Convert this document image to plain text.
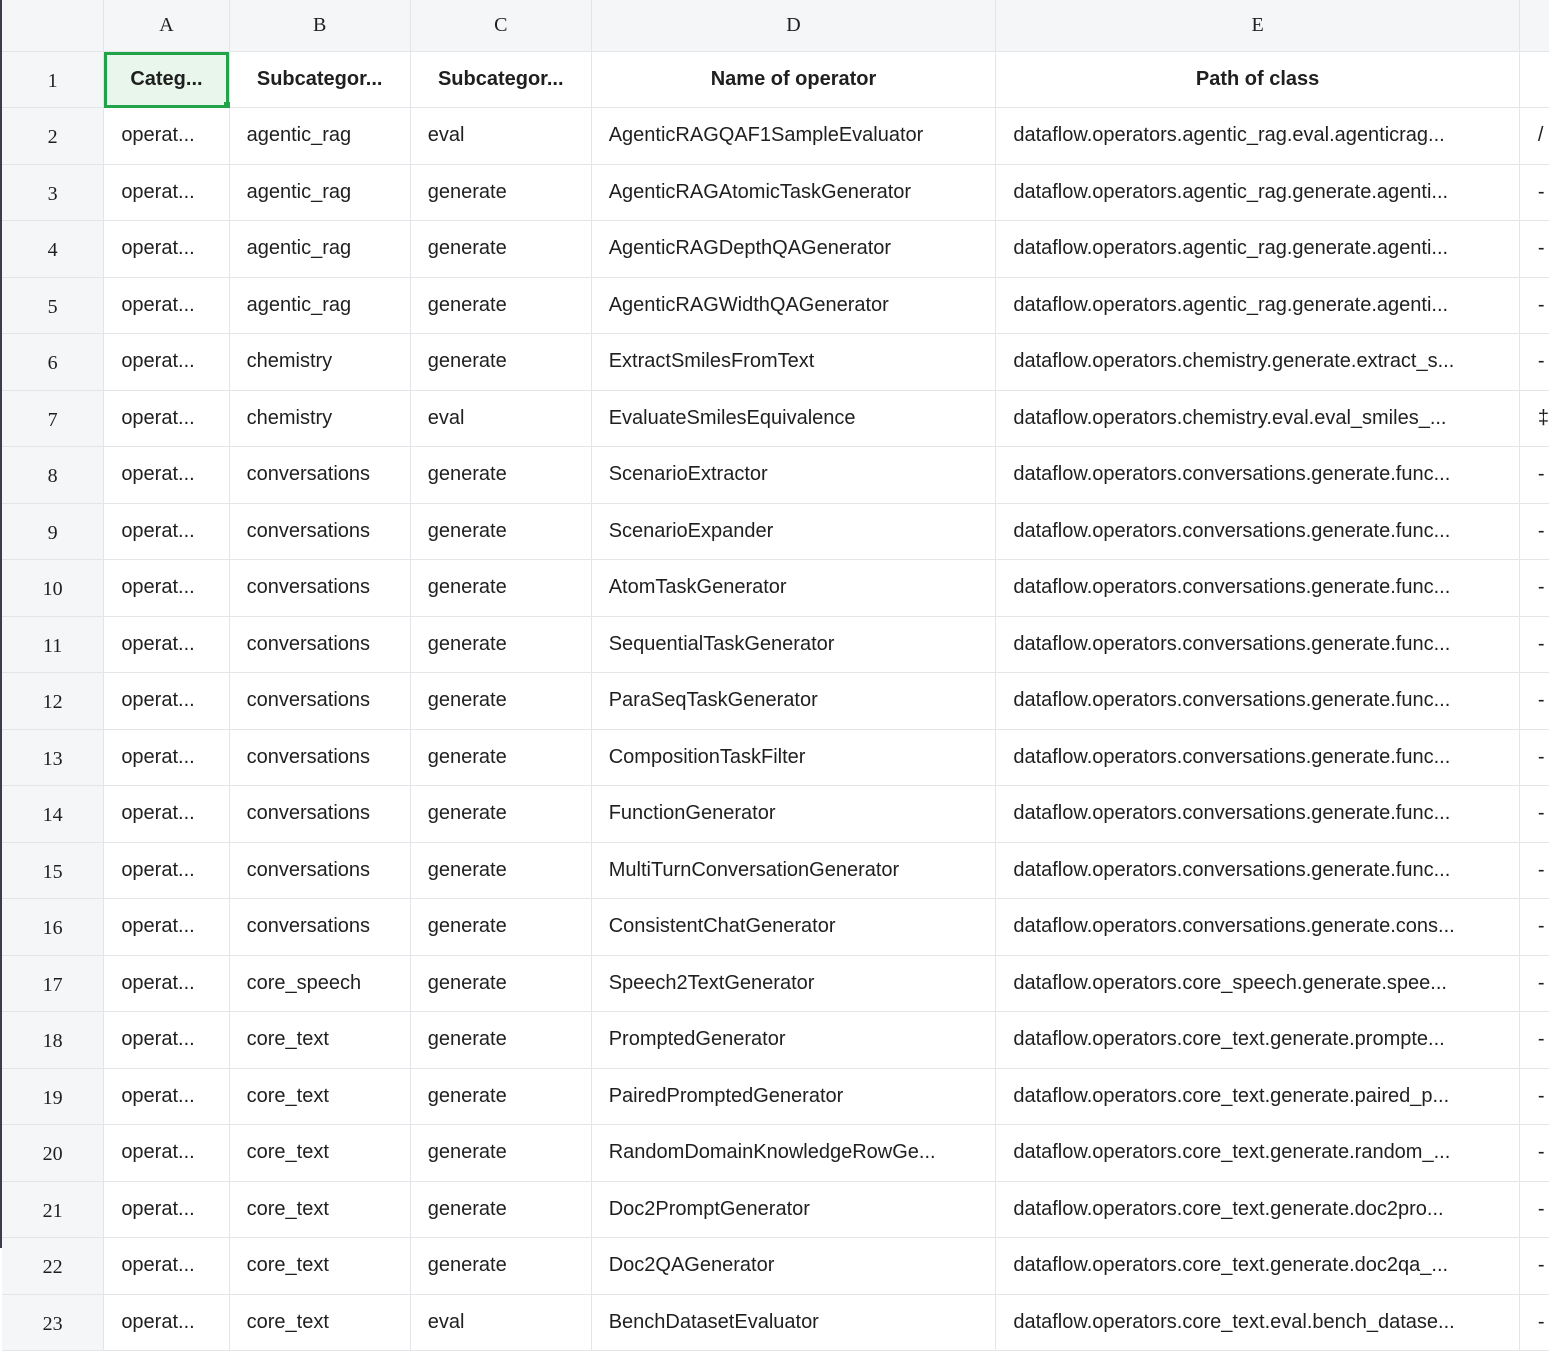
	A	B	C	D	E	
1	Categ...	Subcategor...	Subcategor...	Name of operator	Path of class	
2	operat...	agentic_rag	eval	AgenticRAGQAF1SampleEvaluator	dataflow.operators.agentic_rag.eval.agenticrag...	/
3	operat...	agentic_rag	generate	AgenticRAGAtomicTaskGenerator	dataflow.operators.agentic_rag.generate.agenti...	-
4	operat...	agentic_rag	generate	AgenticRAGDepthQAGenerator	dataflow.operators.agentic_rag.generate.agenti...	-
5	operat...	agentic_rag	generate	AgenticRAGWidthQAGenerator	dataflow.operators.agentic_rag.generate.agenti...	-
6	operat...	chemistry	generate	ExtractSmilesFromText	dataflow.operators.chemistry.generate.extract_s...	-
7	operat...	chemistry	eval	EvaluateSmilesEquivalence	dataflow.operators.chemistry.eval.eval_smiles_...	‡
8	operat...	conversations	generate	ScenarioExtractor	dataflow.operators.conversations.generate.func...	-
9	operat...	conversations	generate	ScenarioExpander	dataflow.operators.conversations.generate.func...	-
10	operat...	conversations	generate	AtomTaskGenerator	dataflow.operators.conversations.generate.func...	-
11	operat...	conversations	generate	SequentialTaskGenerator	dataflow.operators.conversations.generate.func...	-
12	operat...	conversations	generate	ParaSeqTaskGenerator	dataflow.operators.conversations.generate.func...	-
13	operat...	conversations	generate	CompositionTaskFilter	dataflow.operators.conversations.generate.func...	-
14	operat...	conversations	generate	FunctionGenerator	dataflow.operators.conversations.generate.func...	-
15	operat...	conversations	generate	MultiTurnConversationGenerator	dataflow.operators.conversations.generate.func...	-
16	operat...	conversations	generate	ConsistentChatGenerator	dataflow.operators.conversations.generate.cons...	-
17	operat...	core_speech	generate	Speech2TextGenerator	dataflow.operators.core_speech.generate.spee...	-
18	operat...	core_text	generate	PromptedGenerator	dataflow.operators.core_text.generate.prompte...	-
19	operat...	core_text	generate	PairedPromptedGenerator	dataflow.operators.core_text.generate.paired_p...	-
20	operat...	core_text	generate	RandomDomainKnowledgeRowGe...	dataflow.operators.core_text.generate.random_...	-
21	operat...	core_text	generate	Doc2PromptGenerator	dataflow.operators.core_text.generate.doc2pro...	-
22	operat...	core_text	generate	Doc2QAGenerator	dataflow.operators.core_text.generate.doc2qa_...	-
23	operat...	core_text	eval	BenchDatasetEvaluator	dataflow.operators.core_text.eval.bench_datase...	-
